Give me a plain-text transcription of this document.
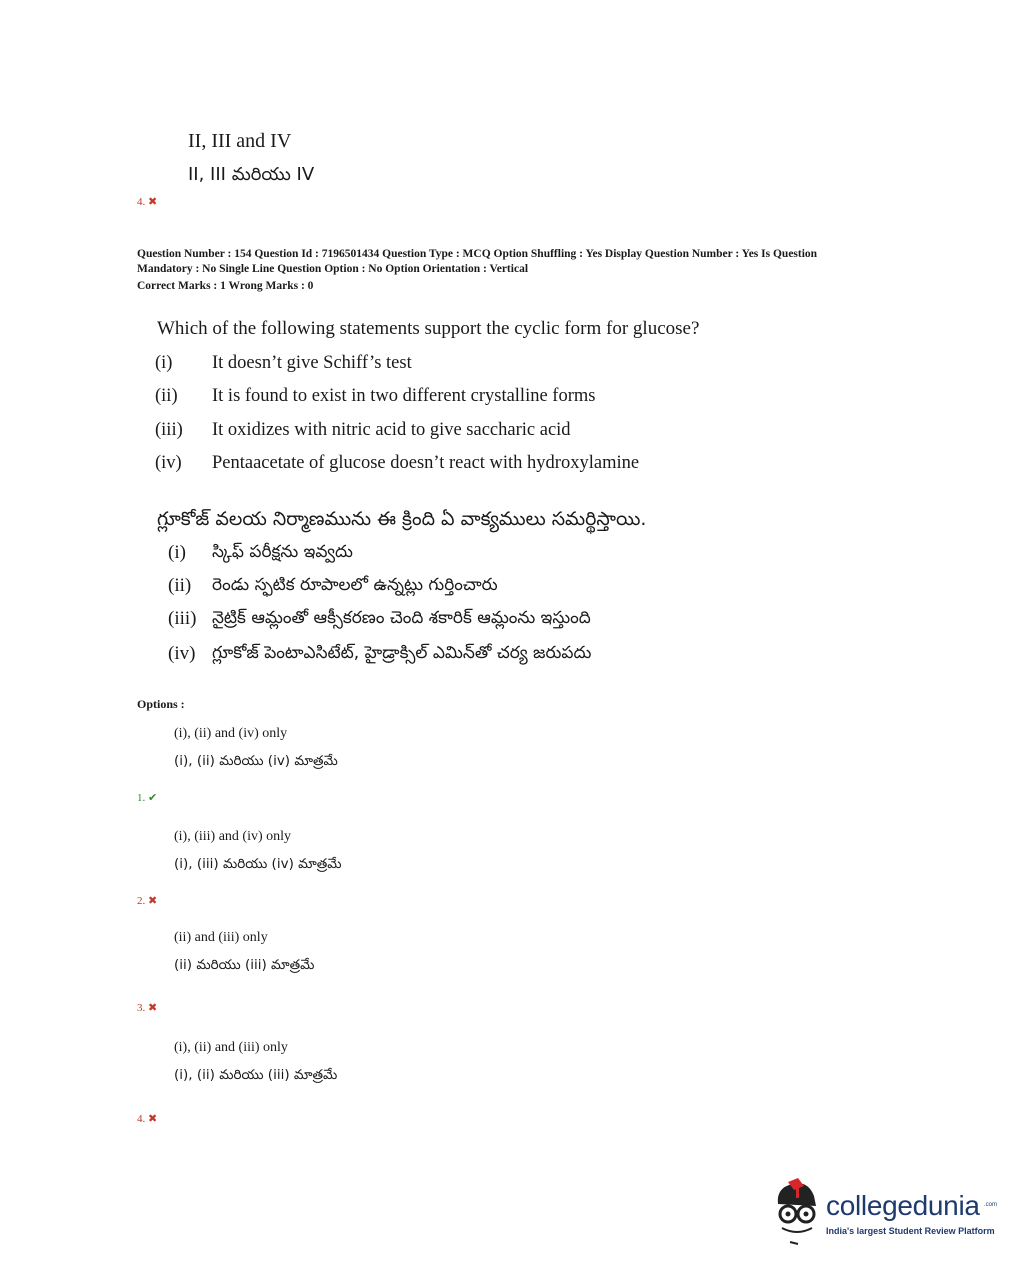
II, III and IV
II, III మరియు IV
4. ✖
Question Number : 154 Question Id : 7196501434 Question Type : MCQ Option Shuffling : Yes Display Question Number : Yes Is Question
Mandatory : No Single Line Question Option : No Option Orientation : Vertical
Correct Marks : 1 Wrong Marks : 0
Which of the following statements support the cyclic form for glucose?
(i) It doesn’t give Schiff’s test
(ii) It is found to exist in two different crystalline forms
(iii) It oxidizes with nitric acid to give saccharic acid
(iv) Pentaacetate of glucose doesn’t react with hydroxylamine
గ్లూకోజ్ వలయ నిర్మాణమును ఈ క్రింది ఏ వాక్యములు సమర్థిస్తాయి.
(i) స్కిఫ్ పరీక్షను ఇవ్వదు
(ii) రెండు స్ఫటిక రూపాలలో ఉన్నట్లు గుర్తించారు
(iii) నైట్రిక్ ఆమ్లంతో ఆక్సీకరణం చెంది శకారిక్ ఆమ్లంను ఇస్తుంది
(iv) గ్లూకోజ్ పెంటాఎసిటేట్, హైడ్రాక్సిల్ ఎమిన్‌తో చర్య జరుపదు
Options :
(i), (ii) and (iv) only
(i), (ii) మరియు (iv) మాత్రమే
1. ✔
(i), (iii) and (iv) only
(i), (iii) మరియు (iv) మాత్రమే
2. ✖
(ii) and (iii) only
(ii) మరియు (iii) మాత్రమే
3. ✖
(i), (ii) and (iii) only
(i), (ii) మరియు (iii) మాత్రమే
4. ✖
collegedunia .com
India's largest Student Review Platform
